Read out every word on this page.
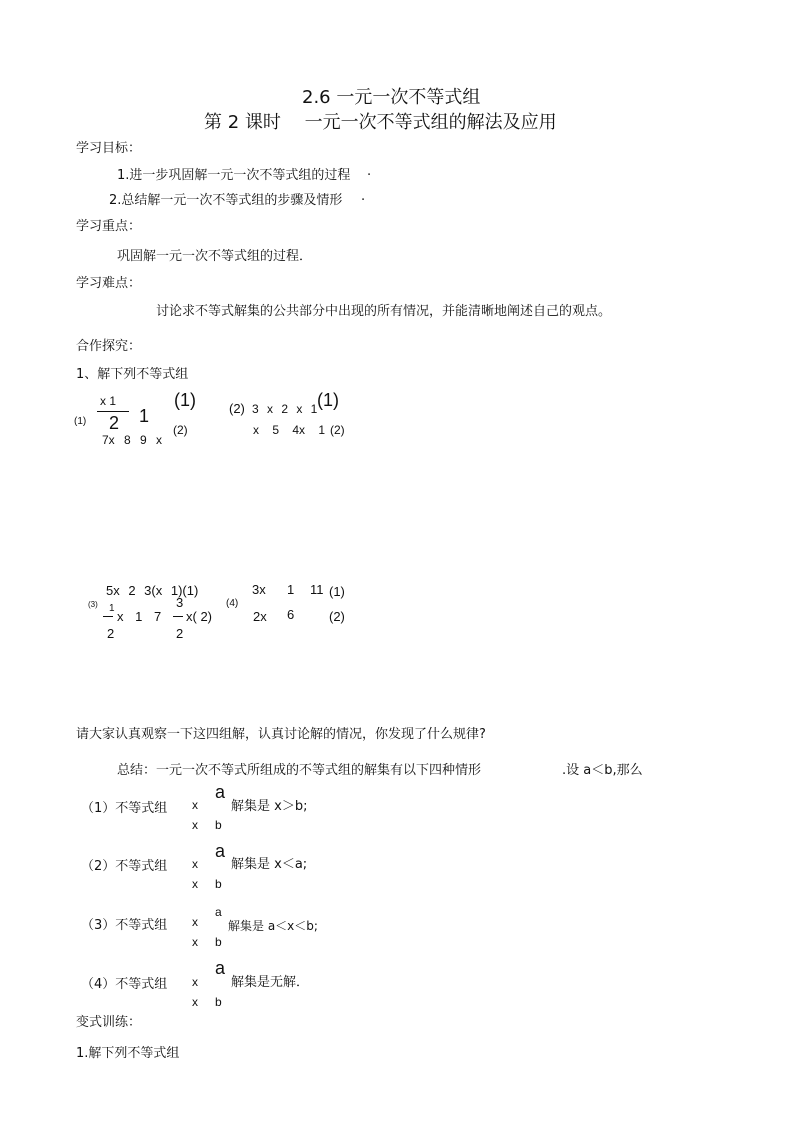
2.6 一元一次不等式组
第 2 课时 　一元一次不等式组的解法及应用
学习目标：
1.进一步巩固解一元一次不等式组的过程 .
2.总结解一元一次不等式组的步骤及情形 .
学习重点：
巩固解一元一次不等式组的过程．
学习难点：
讨论求不等式解集的公共部分中出现的所有情况，并能清晰地阐述自己的观点。
合作探究：
1、解下列不等式组
(1)
x 1
2 1
(1)
7x 8 9 x
(2)
(2) 3 x 2 x 1 (1)
x 5 4x 1 (2)
(3)
5x 2 3(x 1)(1)
1
2
x 1 7
3
2
x( 2)
(4)
3x 1 11 (1)
2x 6	(2)
请大家认真观察一下这四组解，认真讨论解的情况，你发现了什么规律?
总结：一元一次不等式所组成的不等式组的解集有以下四种情形	.设 a＜b,那么
（1）不等式组 x
a
解集是 x＞b;
x b
（2）不等式组 x
a
解集是 x＜a;
x b
（3）不等式组 x
a
解集是 a＜x＜b;
x b
（4）不等式组 x
a
解集是无解．
x b
变式训练：
1.解下列不等式组
